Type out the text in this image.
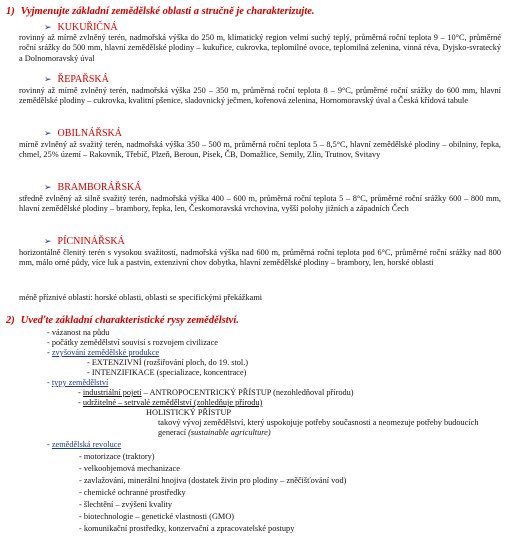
1) Vyjmenujte základní zemědělské oblasti a stručně je charakterizujte.
➢ KUKUŘIČNÁ
rovinný až mírně zvlněný terén, nadmořská výška do 250 m, klimatický region velmi suchý teplý, průměrná roční teplota 9 – 10°C, průměrné roční srážky do 500 mm, hlavní zemědělské plodiny – kukuřice, cukrovka, teplomilné ovoce, teplomilná zelenina, vinná réva, Dyjsko-svratecký a Dolnomoravský úval
➢ ŘEPAŘSKÁ
rovinný až mírně zvlněný terén, nadmořská výška 250 – 350 m, průměrná roční teplota 8 – 9°C, průměrné roční srážky do 600 mm, hlavní zemědělské plodiny – cukrovka, kvalitní pšenice, sladovnický ječmen, kořenová zelenina, Hornomoravský úval a Česká křídová tabule
➢ OBILNÁŘSKÁ
mírně zvlněný až svažitý terén, nadmořská výška 350 – 500 m, průměrná roční teplota 5 – 8,5°C, hlavní zemědělské plodiny – obilniny, řepka, chmel, 25% území – Rakovník, Třebíč, Plzeň, Beroun, Písek, ČB, Domažlice, Semily, Zlín, Trutnov, Svitavy
➢ BRAMBORÁŘSKÁ
středně zvlněný až silně svažitý terén, nadmořská výška 400 – 600 m, průměrná roční teplota 5 – 8°C, průměrné roční srážky 600 – 800 mm, hlavní zemědělské plodiny – brambory, řepka, len, Českomoravská vrchovina, vyšší polohy jižních a západních Čech
➢ PÍCNINÁŘSKÁ
horizontálně členitý terén s vysokou svažitostí, nadmořská výška nad 600 m, průměrná roční teplota pod 6°C, průměrné roční srážky nad 800 mm, málo orné půdy, více luk a pastvin, extenzivní chov dobytka, hlavní zemědělské plodiny – brambory, len, horské oblasti
méně příznivé oblasti: horské oblasti, oblasti se specifickými překážkami
2) Uveďte základní charakteristické rysy zemědělství.
- vázanost na půdu
- počátky zemědělství souvisí s rozvojem civilizace
- zvyšování zemědělské produkce
- EXTENZIVNÍ (rozšiřování ploch, do 19. stol.)
- INTENZIFIKACE (specializace, koncentrace)
- typy zemědělství
- industriální pojetí – ANTROPOCENTRICKÝ PŘÍSTUP (nezohledňoval přírodu)
- udržitelné – setrvalé zemědělství (zohledňuje přírodu)
HOLISTICKÝ PŘÍSTUP
takový vývoj zemědělství, který uspokojuje potřeby současnosti a neomezuje potřeby budoucích
generací (sustainable agriculture)
- zemědělská revoluce
- motorizace (traktory)
- velkoobjemová mechanizace
- zavlažování, minerální hnojiva (dostatek živin pro plodiny – zněčišťování vod)
- chemické ochranné prostředky
- šlechtění – zvýšení kvality
- biotechnologie – genetické vlastnosti (GMO)
- komunikační prostředky, konzervační a zpracovatelské postupy
